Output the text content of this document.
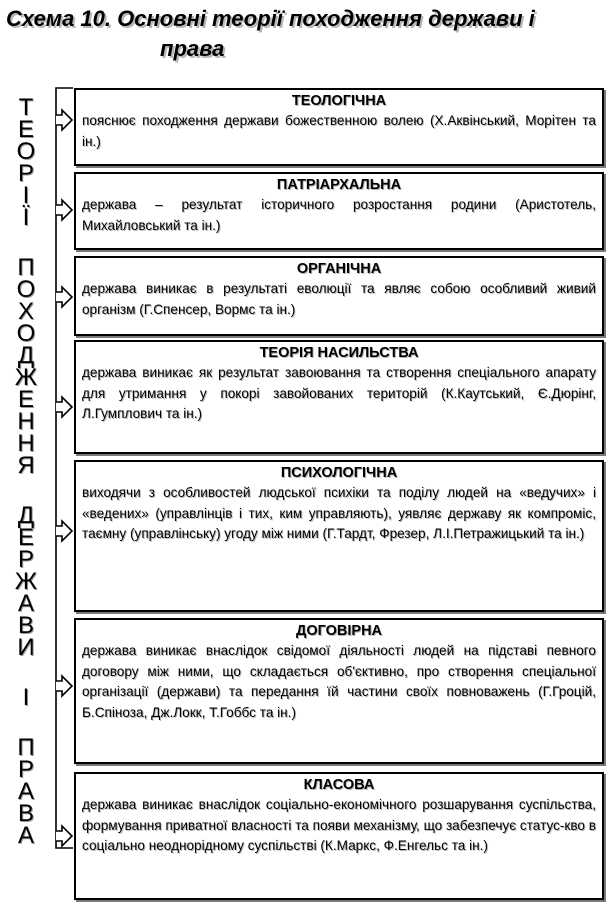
Схема 10. Основні теорії походження держави і
права
Т
Е
О
Р
І
Ї
П
О
Х
О
Д
Ж
Е
Н
Н
Я
Д
Е
Р
Ж
А
В
И
І
П
Р
А
В
А
ТЕОЛОГІЧНА

пояснює походження держави божественною волею (Х.Аквінський, Морітен та ін.)

ПАТРІАРХАЛЬНА

держава – результат історичного розростання родини (Аристотель, Михайловський та ін.)

ОРГАНІЧНА

держава виникає в результаті еволюції та являє собою особливий живий організм (Г.Спенсер, Вормс та ін.)

ТЕОРІЯ НАСИЛЬСТВА

держава виникає як результат завоювання та створення спеціального апарату для утримання у покорі завойованих територій (К.Каутський, Є.Дюрінг, Л.Гумплович та ін.)

ПСИХОЛОГІЧНА

виходячи з особливостей людської психіки та поділу людей на «ведучих» і «ведених» (управлінців і тих, ким управляють), уявляє державу як компроміс, таємну (управлінську) угоду між ними (Г.Тардт, Фрезер, Л.І.Петражицький та ін.)

ДОГОВІРНА

держава виникає внаслідок свідомої діяльності людей на підставі певного договору між ними, що складається об'єктивно, про створення спеціальної організації (держави) та передання їй частини своїх повноважень (Г.Гроцій, Б.Спіноза, Дж.Локк, Т.Гоббс та ін.)

КЛАСОВА

держава виникає внаслідок соціально-економічного розшарування суспільства, формування приватної власності та появи механізму, що забезпечує статус-кво в соціально неоднорідному суспільстві (К.Маркс, Ф.Енгельс та ін.)
